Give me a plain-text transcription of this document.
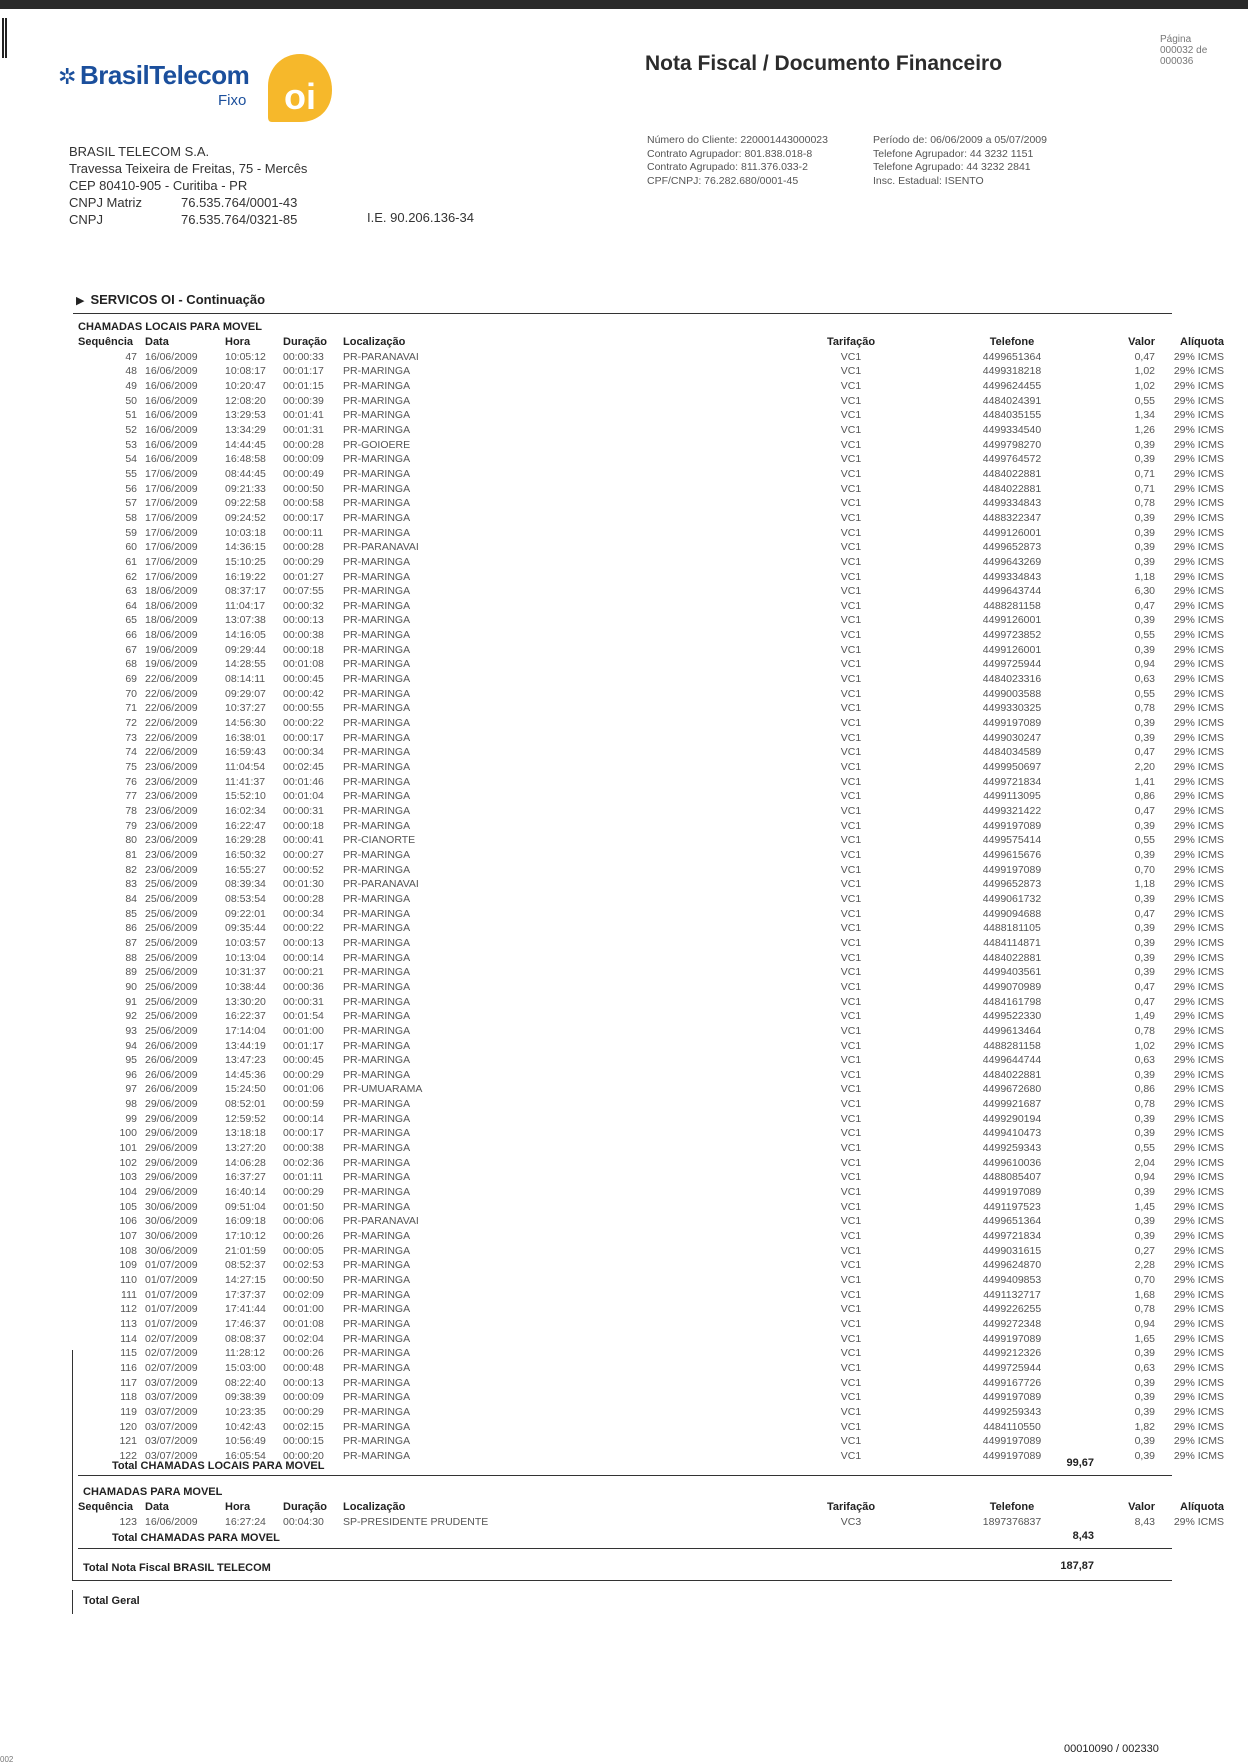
✲ BrasilTelecom
Fixo oi
BRASIL TELECOM S.A.
Travessa Teixeira de Freitas, 75 - Mercês
CEP 80410-905 - Curitiba - PR
CNPJ Matriz	76.535.764/0001-43
CNPJ	76.535.764/0321-85	I.E. 90.206.136-34
Nota Fiscal / Documento Financeiro
Página
000032 de 000036
Número do Cliente: 220001443000023
Contrato Agrupador: 801.838.018-8
Contrato Agrupado: 811.376.033-2
CPF/CNPJ: 76.282.680/0001-45
Período de: 06/06/2009 a 05/07/2009
Telefone Agrupador: 44 3232 1151
Telefone Agrupado: 44 3232 2841
Insc. Estadual: ISENTO
▶ SERVICOS OI - Continuação
CHAMADAS LOCAIS PARA MOVEL
Sequência	Data	Hora	Duração	Localização	Tarifação	Telefone	Valor	Alíquota
47	16/06/2009	10:05:12	00:00:33	PR-PARANAVAI	VC1	4499651364	0,47	29% ICMS
48	16/06/2009	10:08:17	00:01:17	PR-MARINGA	VC1	4499318218	1,02	29% ICMS
49	16/06/2009	10:20:47	00:01:15	PR-MARINGA	VC1	4499624455	1,02	29% ICMS
50	16/06/2009	12:08:20	00:00:39	PR-MARINGA	VC1	4484024391	0,55	29% ICMS
51	16/06/2009	13:29:53	00:01:41	PR-MARINGA	VC1	4484035155	1,34	29% ICMS
52	16/06/2009	13:34:29	00:01:31	PR-MARINGA	VC1	4499334540	1,26	29% ICMS
53	16/06/2009	14:44:45	00:00:28	PR-GOIOERE	VC1	4499798270	0,39	29% ICMS
54	16/06/2009	16:48:58	00:00:09	PR-MARINGA	VC1	4499764572	0,39	29% ICMS
55	17/06/2009	08:44:45	00:00:49	PR-MARINGA	VC1	4484022881	0,71	29% ICMS
56	17/06/2009	09:21:33	00:00:50	PR-MARINGA	VC1	4484022881	0,71	29% ICMS
57	17/06/2009	09:22:58	00:00:58	PR-MARINGA	VC1	4499334843	0,78	29% ICMS
58	17/06/2009	09:24:52	00:00:17	PR-MARINGA	VC1	4488322347	0,39	29% ICMS
59	17/06/2009	10:03:18	00:00:11	PR-MARINGA	VC1	4499126001	0,39	29% ICMS
60	17/06/2009	14:36:15	00:00:28	PR-PARANAVAI	VC1	4499652873	0,39	29% ICMS
61	17/06/2009	15:10:25	00:00:29	PR-MARINGA	VC1	4499643269	0,39	29% ICMS
62	17/06/2009	16:19:22	00:01:27	PR-MARINGA	VC1	4499334843	1,18	29% ICMS
63	18/06/2009	08:37:17	00:07:55	PR-MARINGA	VC1	4499643744	6,30	29% ICMS
64	18/06/2009	11:04:17	00:00:32	PR-MARINGA	VC1	4488281158	0,47	29% ICMS
65	18/06/2009	13:07:38	00:00:13	PR-MARINGA	VC1	4499126001	0,39	29% ICMS
66	18/06/2009	14:16:05	00:00:38	PR-MARINGA	VC1	4499723852	0,55	29% ICMS
67	19/06/2009	09:29:44	00:00:18	PR-MARINGA	VC1	4499126001	0,39	29% ICMS
68	19/06/2009	14:28:55	00:01:08	PR-MARINGA	VC1	4499725944	0,94	29% ICMS
69	22/06/2009	08:14:11	00:00:45	PR-MARINGA	VC1	4484023316	0,63	29% ICMS
70	22/06/2009	09:29:07	00:00:42	PR-MARINGA	VC1	4499003588	0,55	29% ICMS
71	22/06/2009	10:37:27	00:00:55	PR-MARINGA	VC1	4499330325	0,78	29% ICMS
72	22/06/2009	14:56:30	00:00:22	PR-MARINGA	VC1	4499197089	0,39	29% ICMS
73	22/06/2009	16:38:01	00:00:17	PR-MARINGA	VC1	4499030247	0,39	29% ICMS
74	22/06/2009	16:59:43	00:00:34	PR-MARINGA	VC1	4484034589	0,47	29% ICMS
75	23/06/2009	11:04:54	00:02:45	PR-MARINGA	VC1	4499950697	2,20	29% ICMS
76	23/06/2009	11:41:37	00:01:46	PR-MARINGA	VC1	4499721834	1,41	29% ICMS
77	23/06/2009	15:52:10	00:01:04	PR-MARINGA	VC1	4499113095	0,86	29% ICMS
78	23/06/2009	16:02:34	00:00:31	PR-MARINGA	VC1	4499321422	0,47	29% ICMS
79	23/06/2009	16:22:47	00:00:18	PR-MARINGA	VC1	4499197089	0,39	29% ICMS
80	23/06/2009	16:29:28	00:00:41	PR-CIANORTE	VC1	4499575414	0,55	29% ICMS
81	23/06/2009	16:50:32	00:00:27	PR-MARINGA	VC1	4499615676	0,39	29% ICMS
82	23/06/2009	16:55:27	00:00:52	PR-MARINGA	VC1	4499197089	0,70	29% ICMS
83	25/06/2009	08:39:34	00:01:30	PR-PARANAVAI	VC1	4499652873	1,18	29% ICMS
84	25/06/2009	08:53:54	00:00:28	PR-MARINGA	VC1	4499061732	0,39	29% ICMS
85	25/06/2009	09:22:01	00:00:34	PR-MARINGA	VC1	4499094688	0,47	29% ICMS
86	25/06/2009	09:35:44	00:00:22	PR-MARINGA	VC1	4488181105	0,39	29% ICMS
87	25/06/2009	10:03:57	00:00:13	PR-MARINGA	VC1	4484114871	0,39	29% ICMS
88	25/06/2009	10:13:04	00:00:14	PR-MARINGA	VC1	4484022881	0,39	29% ICMS
89	25/06/2009	10:31:37	00:00:21	PR-MARINGA	VC1	4499403561	0,39	29% ICMS
90	25/06/2009	10:38:44	00:00:36	PR-MARINGA	VC1	4499070989	0,47	29% ICMS
91	25/06/2009	13:30:20	00:00:31	PR-MARINGA	VC1	4484161798	0,47	29% ICMS
92	25/06/2009	16:22:37	00:01:54	PR-MARINGA	VC1	4499522330	1,49	29% ICMS
93	25/06/2009	17:14:04	00:01:00	PR-MARINGA	VC1	4499613464	0,78	29% ICMS
94	26/06/2009	13:44:19	00:01:17	PR-MARINGA	VC1	4488281158	1,02	29% ICMS
95	26/06/2009	13:47:23	00:00:45	PR-MARINGA	VC1	4499644744	0,63	29% ICMS
96	26/06/2009	14:45:36	00:00:29	PR-MARINGA	VC1	4484022881	0,39	29% ICMS
97	26/06/2009	15:24:50	00:01:06	PR-UMUARAMA	VC1	4499672680	0,86	29% ICMS
98	29/06/2009	08:52:01	00:00:59	PR-MARINGA	VC1	4499921687	0,78	29% ICMS
99	29/06/2009	12:59:52	00:00:14	PR-MARINGA	VC1	4499290194	0,39	29% ICMS
100	29/06/2009	13:18:18	00:00:17	PR-MARINGA	VC1	4499410473	0,39	29% ICMS
101	29/06/2009	13:27:20	00:00:38	PR-MARINGA	VC1	4499259343	0,55	29% ICMS
102	29/06/2009	14:06:28	00:02:36	PR-MARINGA	VC1	4499610036	2,04	29% ICMS
103	29/06/2009	16:37:27	00:01:11	PR-MARINGA	VC1	4488085407	0,94	29% ICMS
104	29/06/2009	16:40:14	00:00:29	PR-MARINGA	VC1	4499197089	0,39	29% ICMS
105	30/06/2009	09:51:04	00:01:50	PR-MARINGA	VC1	4491197523	1,45	29% ICMS
106	30/06/2009	16:09:18	00:00:06	PR-PARANAVAI	VC1	4499651364	0,39	29% ICMS
107	30/06/2009	17:10:12	00:00:26	PR-MARINGA	VC1	4499721834	0,39	29% ICMS
108	30/06/2009	21:01:59	00:00:05	PR-MARINGA	VC1	4499031615	0,27	29% ICMS
109	01/07/2009	08:52:37	00:02:53	PR-MARINGA	VC1	4499624870	2,28	29% ICMS
110	01/07/2009	14:27:15	00:00:50	PR-MARINGA	VC1	4499409853	0,70	29% ICMS
111	01/07/2009	17:37:37	00:02:09	PR-MARINGA	VC1	4491132717	1,68	29% ICMS
112	01/07/2009	17:41:44	00:01:00	PR-MARINGA	VC1	4499226255	0,78	29% ICMS
113	01/07/2009	17:46:37	00:01:08	PR-MARINGA	VC1	4499272348	0,94	29% ICMS
114	02/07/2009	08:08:37	00:02:04	PR-MARINGA	VC1	4499197089	1,65	29% ICMS
115	02/07/2009	11:28:12	00:00:26	PR-MARINGA	VC1	4499212326	0,39	29% ICMS
116	02/07/2009	15:03:00	00:00:48	PR-MARINGA	VC1	4499725944	0,63	29% ICMS
117	03/07/2009	08:22:40	00:00:13	PR-MARINGA	VC1	4499167726	0,39	29% ICMS
118	03/07/2009	09:38:39	00:00:09	PR-MARINGA	VC1	4499197089	0,39	29% ICMS
119	03/07/2009	10:23:35	00:00:29	PR-MARINGA	VC1	4499259343	0,39	29% ICMS
120	03/07/2009	10:42:43	00:02:15	PR-MARINGA	VC1	4484110550	1,82	29% ICMS
121	03/07/2009	10:56:49	00:00:15	PR-MARINGA	VC1	4499197089	0,39	29% ICMS
122	03/07/2009	16:05:54	00:00:20	PR-MARINGA	VC1	4499197089	0,39	29% ICMS
Total CHAMADAS LOCAIS PARA MOVEL	99,67
CHAMADAS PARA MOVEL
Sequência	Data	Hora	Duração	Localização	Tarifação	Telefone	Valor	Alíquota
123	16/06/2009	16:27:24	00:04:30	SP-PRESIDENTE PRUDENTE	VC3	1897376837	8,43	29% ICMS
Total CHAMADAS PARA MOVEL	8,43
Total Nota Fiscal BRASIL TELECOM	187,87
Total Geral
00010090 / 002330
002
